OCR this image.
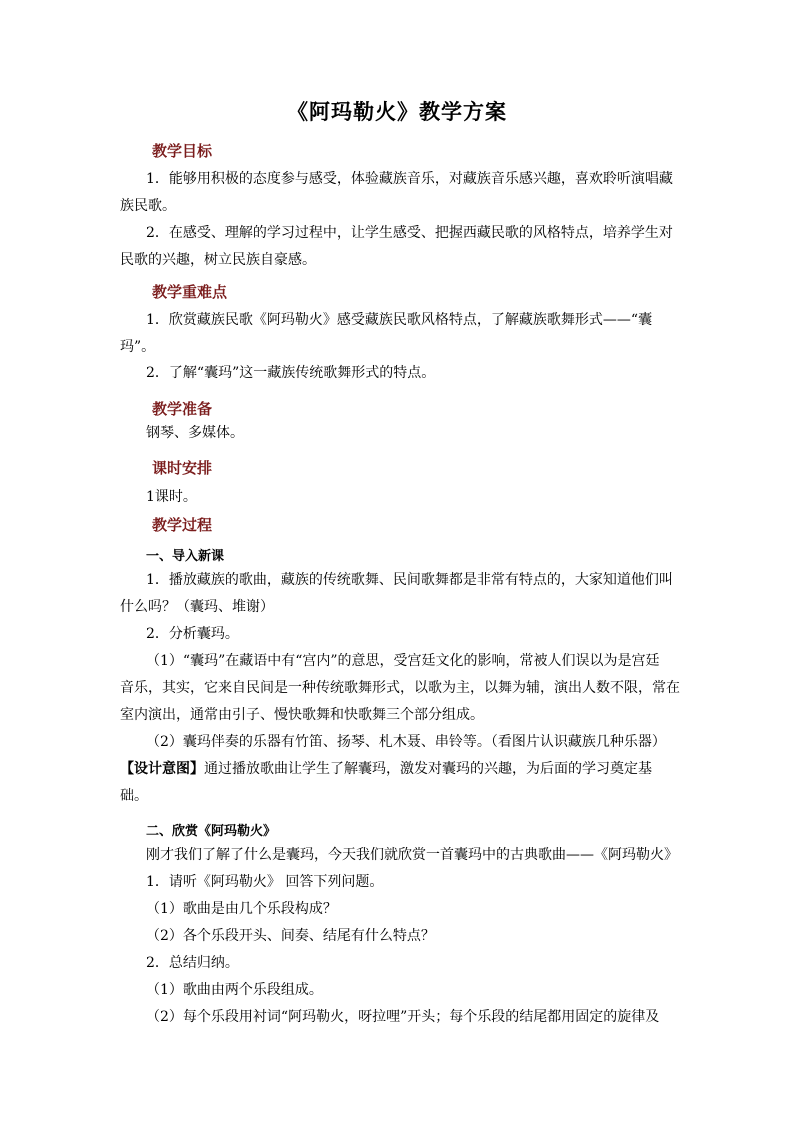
《阿玛勒火》教学方案
教学目标
1．能够用积极的态度参与感受，体验藏族音乐，对藏族音乐感兴趣，喜欢聆听演唱藏
族民歌。
2．在感受、理解的学习过程中，让学生感受、把握西藏民歌的风格特点，培养学生对
民歌的兴趣，树立民族自豪感。
教学重难点
1．欣赏藏族民歌《阿玛勒火》感受藏族民歌风格特点，了解藏族歌舞形式——“囊
玛”。
2．了解“囊玛”这一藏族传统歌舞形式的特点。
教学准备
钢琴、多媒体。
课时安排
1课时。
教学过程
一、导入新课
1．播放藏族的歌曲，藏族的传统歌舞、民间歌舞都是非常有特点的，大家知道他们叫
什么吗？（囊玛、堆谢）
2．分析囊玛。
（1）“囊玛”在藏语中有“宫内”的意思，受宫廷文化的影响，常被人们误以为是宫廷
音乐，其实，它来自民间是一种传统歌舞形式，以歌为主，以舞为辅，演出人数不限，常在
室内演出，通常由引子、慢快歌舞和快歌舞三个部分组成。
（2）囊玛伴奏的乐器有竹笛、扬琴、札木聂、串铃等。（看图片认识藏族几种乐器）
【设计意图】通过播放歌曲让学生了解囊玛，激发对囊玛的兴趣，为后面的学习奠定基
础。
二、欣赏《阿玛勒火》
刚才我们了解了什么是囊玛，今天我们就欣赏一首囊玛中的古典歌曲——《阿玛勒火》
1．请听《阿玛勒火》 回答下列问题。
（1）歌曲是由几个乐段构成？
（2）各个乐段开头、间奏、结尾有什么特点？
2．总结归纳。
（1）歌曲由两个乐段组成。
（2）每个乐段用衬词“阿玛勒火，呀拉哩”开头；每个乐段的结尾都用固定的旋律及
